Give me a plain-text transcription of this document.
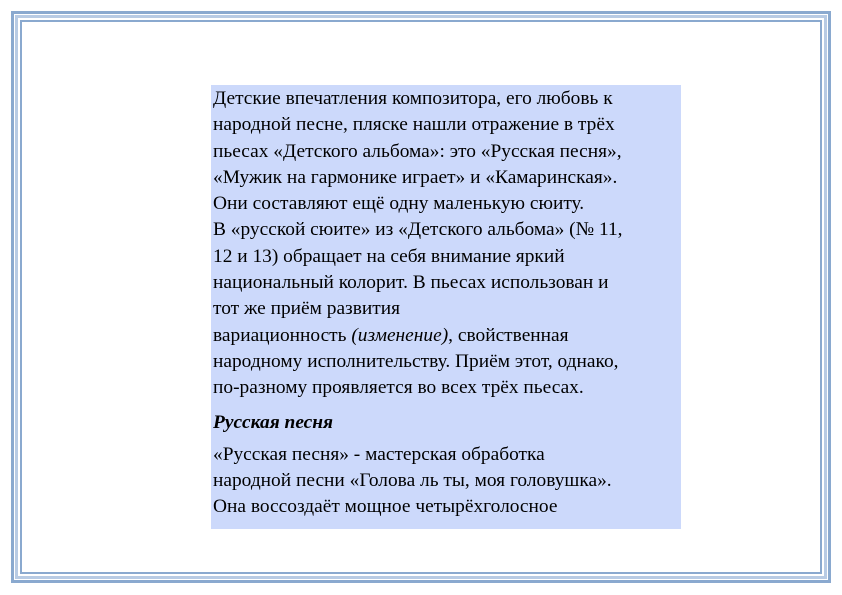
Детские впечатления композитора, его любовь к
народной песне, пляске нашли отражение в трёх
пьесах «Детского альбома»: это «Русская песня»,
«Мужик на гармонике играет» и «Камаринская».
Они составляют ещё одну маленькую сюиту.
В «русской сюите» из «Детского альбома» (№ 11,
12 и 13) обращает на себя внимание яркий
национальный колорит. В пьесах использован и
тот же приём развития
вариационность (изменение), свойственная
народному исполнительству. Приём этот, однако,
по-разному проявляется во всех трёх пьесах.

Русская песня

«Русская песня» - мастерская обработка
народной песни «Голова ль ты, моя головушка».
Она воссоздаёт мощное четырёхголосное
